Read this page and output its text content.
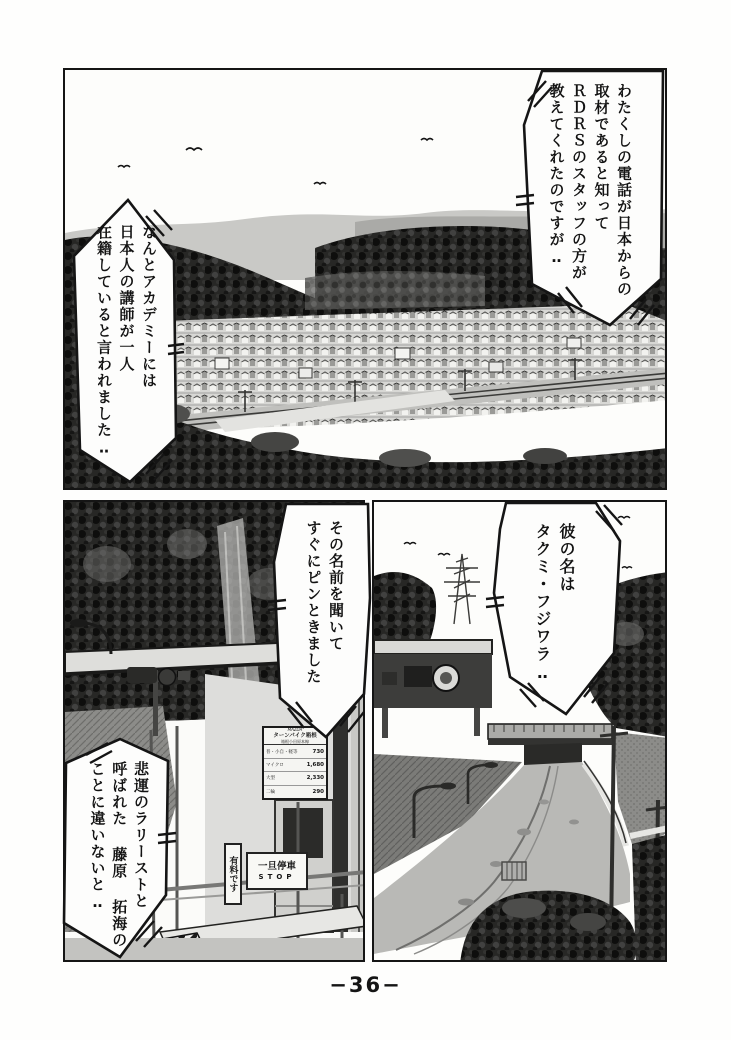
わたくしの電話が日本からの

取材であると知って

ＲＤＲＳのスタッフの方が

教えてくれたのですが‥

なんとアカデミーには

日本人の講師が一人

在籍していると言われました‥

彼の名は

タクミ・フジワラ‥

その名前を聞いて

すぐにピンときました

悲運のラリーストと

呼ばれた 藤原 拓海の

ことに違いないと‥

MAZDA
ターンパイク箱根
箱根小田原本線
普・小自・軽等	730
マイクロ	1,680
大型	2,330
二輪	290
有料です	一旦停車
STOP
−36−
